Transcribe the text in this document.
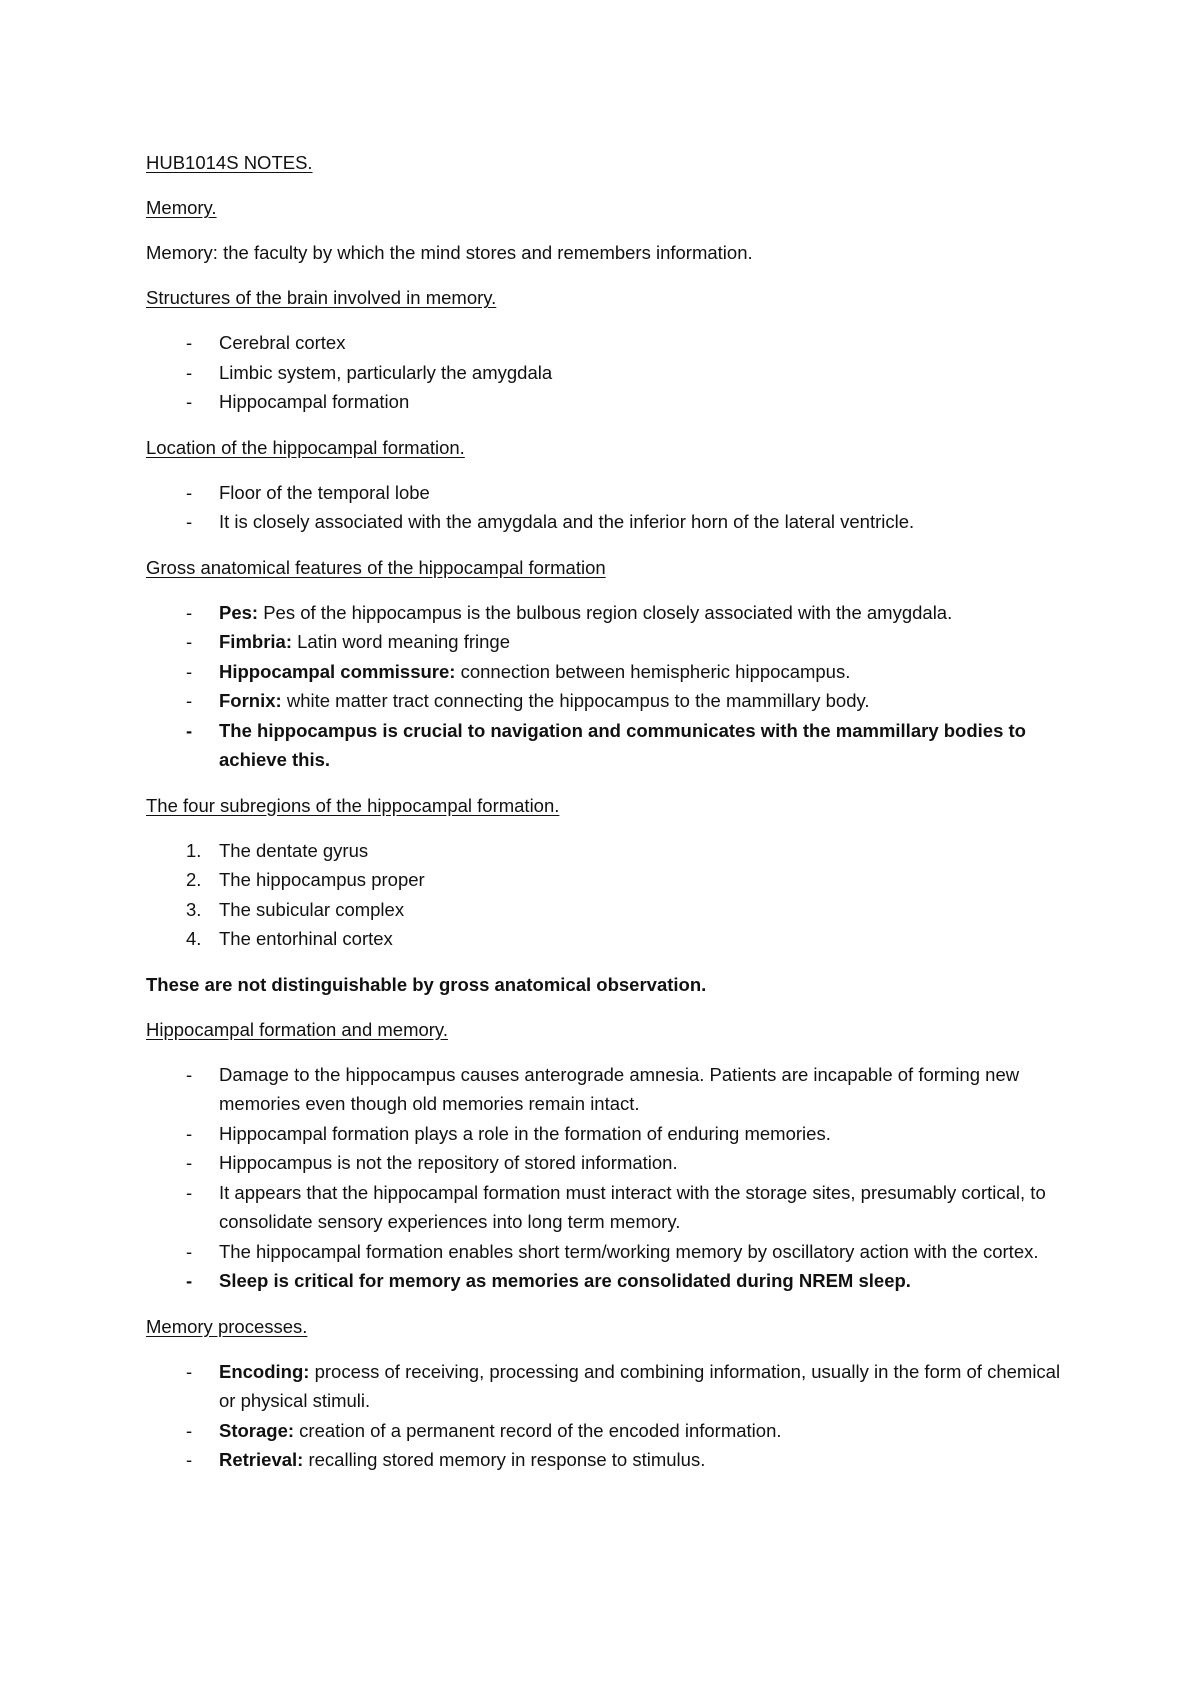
HUB1014S NOTES.
Memory.
Memory: the faculty by which the mind stores and remembers information.
Structures of the brain involved in memory.
- Cerebral cortex
- Limbic system, particularly the amygdala
- Hippocampal formation
Location of the hippocampal formation.
- Floor of the temporal lobe
- It is closely associated with the amygdala and the inferior horn of the lateral ventricle.
Gross anatomical features of the hippocampal formation
- Pes: Pes of the hippocampus is the bulbous region closely associated with the amygdala.
- Fimbria: Latin word meaning fringe
- Hippocampal commissure: connection between hemispheric hippocampus.
- Fornix: white matter tract connecting the hippocampus to the mammillary body.
- The hippocampus is crucial to navigation and communicates with the mammillary bodies to achieve this.
The four subregions of the hippocampal formation.
1. The dentate gyrus
2. The hippocampus proper
3. The subicular complex
4. The entorhinal cortex
These are not distinguishable by gross anatomical observation.
Hippocampal formation and memory.
- Damage to the hippocampus causes anterograde amnesia. Patients are incapable of forming new memories even though old memories remain intact.
- Hippocampal formation plays a role in the formation of enduring memories.
- Hippocampus is not the repository of stored information.
- It appears that the hippocampal formation must interact with the storage sites, presumably cortical, to consolidate sensory experiences into long term memory.
- The hippocampal formation enables short term/working memory by oscillatory action with the cortex.
- Sleep is critical for memory as memories are consolidated during NREM sleep.
Memory processes.
- Encoding: process of receiving, processing and combining information, usually in the form of chemical or physical stimuli.
- Storage: creation of a permanent record of the encoded information.
- Retrieval: recalling stored memory in response to stimulus.
